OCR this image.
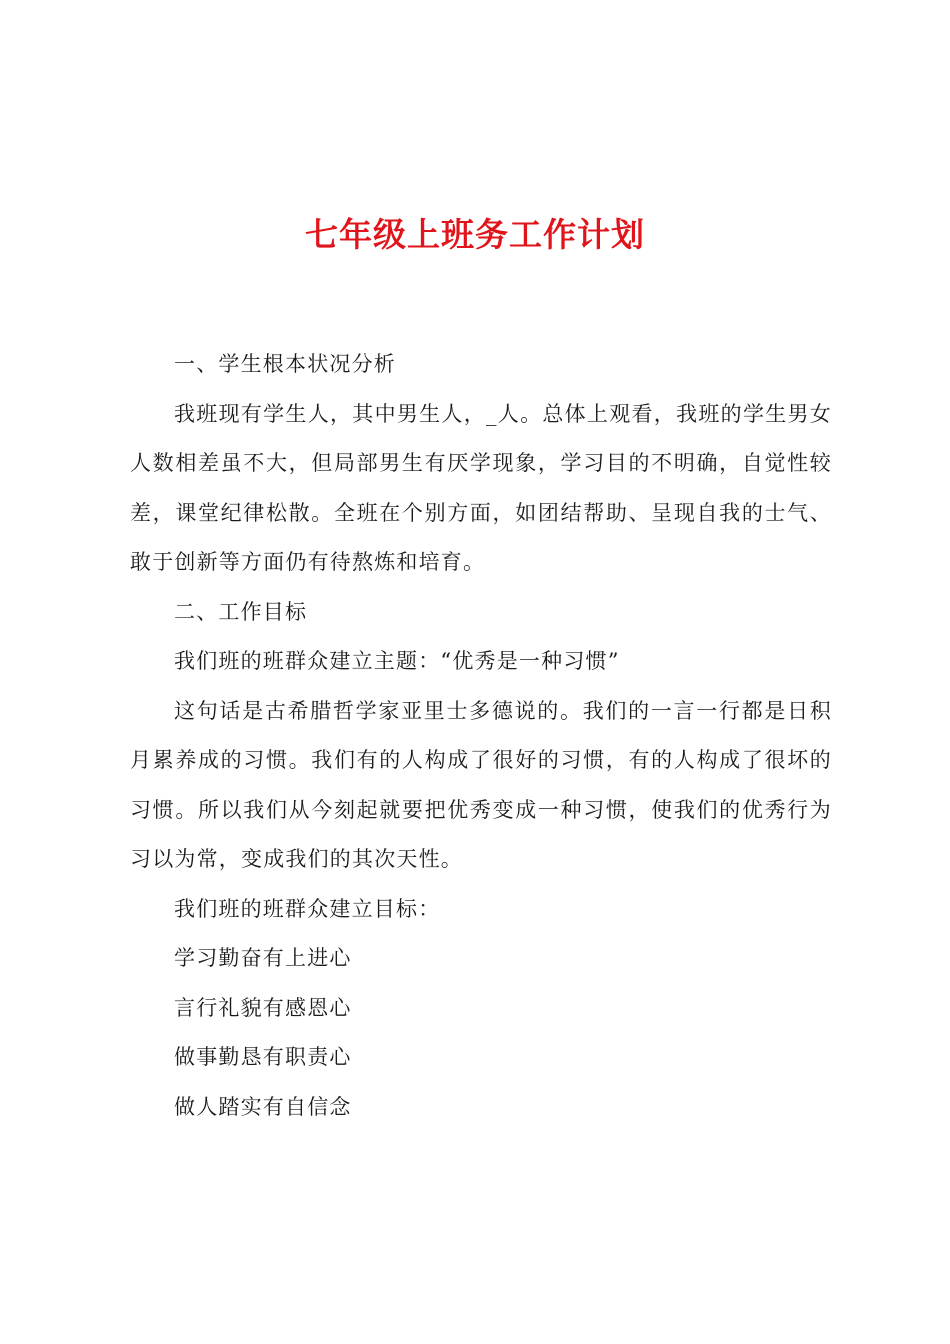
七年级上班务工作计划

一、学生根本状况分析

我班现有学生人，其中男生人，_人。总体上观看，我班的学生男女人数相差虽不大，但局部男生有厌学现象，学习目的不明确，自觉性较差，课堂纪律松散。全班在个别方面，如团结帮助、呈现自我的士气、敢于创新等方面仍有待熬炼和培育。

二、工作目标

我们班的班群众建立主题：“优秀是一种习惯”

这句话是古希腊哲学家亚里士多德说的。我们的一言一行都是日积月累养成的习惯。我们有的人构成了很好的习惯，有的人构成了很坏的习惯。所以我们从今刻起就要把优秀变成一种习惯，使我们的优秀行为习以为常，变成我们的其次天性。

我们班的班群众建立目标：

学习勤奋有上进心

言行礼貌有感恩心

做事勤恳有职责心

做人踏实有自信念
